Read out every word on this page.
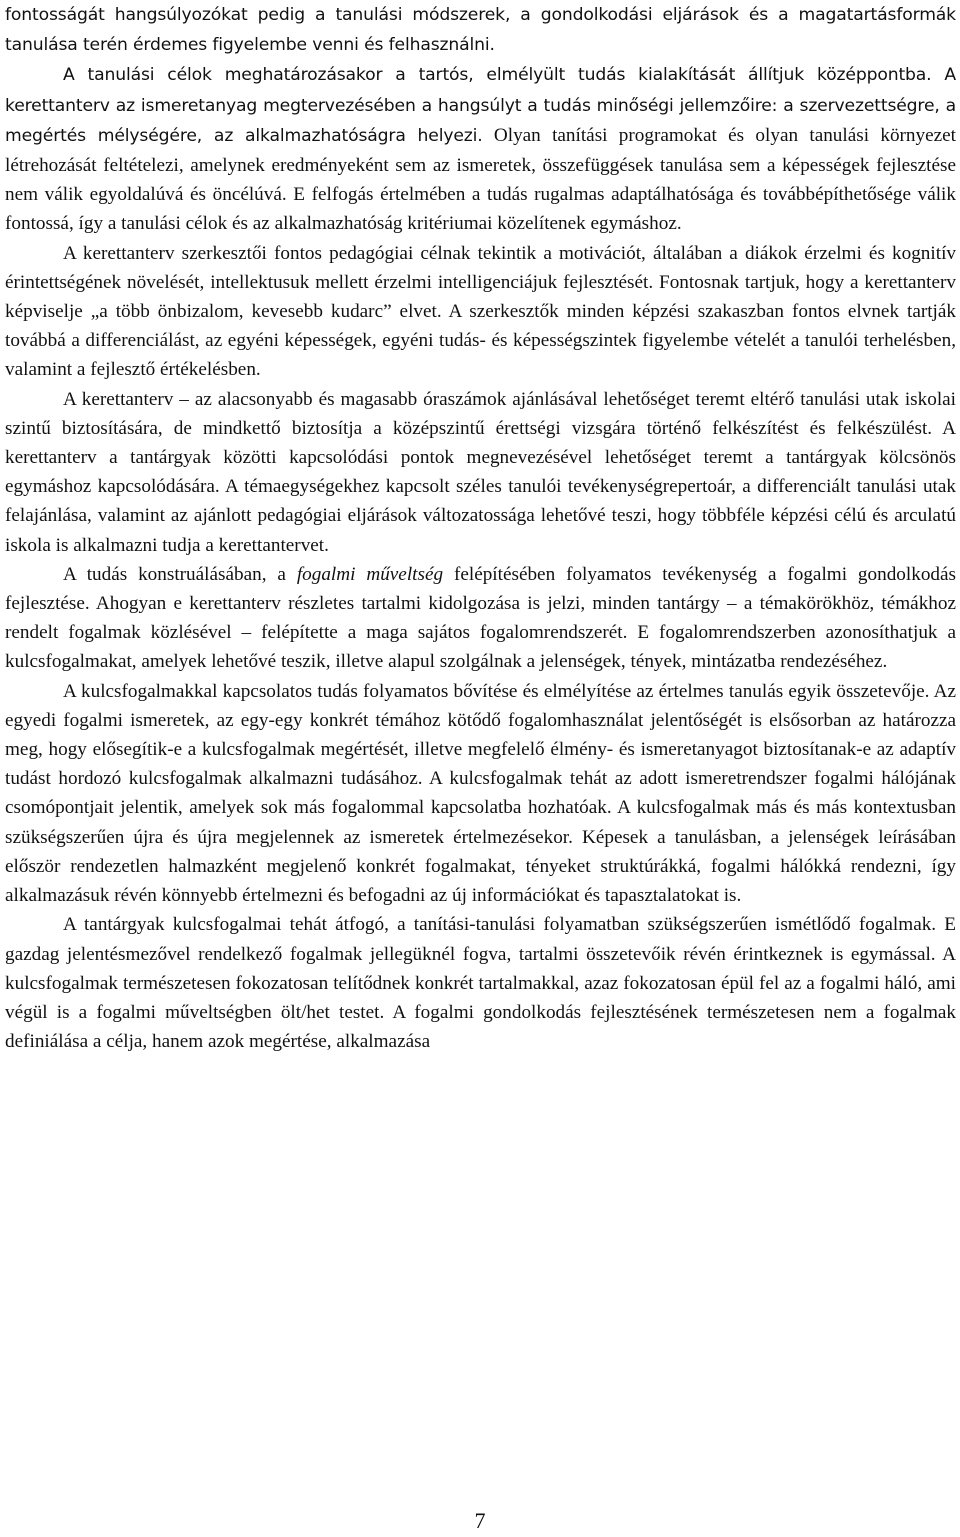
fontosságát hangsúlyozókat pedig a tanulási módszerek, a gondolkodási eljárások és a magatartásformák tanulása terén érdemes figyelembe venni és felhasználni.

A tanulási célok meghatározásakor a tartós, elmélyült tudás kialakítását állítjuk középpontba. A kerettanterv az ismeretanyag megtervezésében a hangsúlyt a tudás minőségi jellemzőire: a szervezettségre, a megértés mélységére, az alkalmazhatóságra helyezi. Olyan tanítási programokat és olyan tanulási környezet létrehozását feltételezi, amelynek eredményeként sem az ismeretek, összefüggések tanulása sem a képességek fejlesztése nem válik egyoldalúvá és öncélúvá. E felfogás értelmében a tudás rugalmas adaptálhatósága és továbbépíthetősége válik fontossá, így a tanulási célok és az alkalmazhatóság kritériumai közelítenek egymáshoz.

A kerettanterv szerkesztői fontos pedagógiai célnak tekintik a motivációt, általában a diákok érzelmi és kognitív érintettségének növelését, intellektusuk mellett érzelmi intelligenciájuk fejlesztését. Fontosnak tartjuk, hogy a kerettanterv képviselje „a több önbizalom, kevesebb kudarc” elvet. A szerkesztők minden képzési szakaszban fontos elvnek tartják továbbá a differenciálást, az egyéni képességek, egyéni tudás- és képességszintek figyelembe vételét a tanulói terhelésben, valamint a fejlesztő értékelésben.

A kerettanterv – az alacsonyabb és magasabb óraszámok ajánlásával lehetőséget teremt eltérő tanulási utak iskolai szintű biztosítására, de mindkettő biztosítja a középszintű érettségi vizsgára történő felkészítést és felkészülést. A kerettanterv a tantárgyak közötti kapcsolódási pontok megnevezésével lehetőséget teremt a tantárgyak kölcsönös egymáshoz kapcsolódására. A témaegységekhez kapcsolt széles tanulói tevékenységrepertoár, a differenciált tanulási utak felajánlása, valamint az ajánlott pedagógiai eljárások változatossága lehetővé teszi, hogy többféle képzési célú és arculatú iskola is alkalmazni tudja a kerettantervet.

A tudás konstruálásában, a fogalmi műveltség felépítésében folyamatos tevékenység a fogalmi gondolkodás fejlesztése. Ahogyan e kerettanterv részletes tartalmi kidolgozása is jelzi, minden tantárgy – a témakörökhöz, témákhoz rendelt fogalmak közlésével – felépítette a maga sajátos fogalomrendszerét. E fogalomrendszerben azonosíthatjuk a kulcsfogalmakat, amelyek lehetővé teszik, illetve alapul szolgálnak a jelenségek, tények, mintázatba rendezéséhez.

A kulcsfogalmakkal kapcsolatos tudás folyamatos bővítése és elmélyítése az értelmes tanulás egyik összetevője. Az egyedi fogalmi ismeretek, az egy-egy konkrét témához kötődő fogalomhasználat jelentőségét is elsősorban az határozza meg, hogy elősegítik-e a kulcsfogalmak megértését, illetve megfelelő élmény- és ismeretanyagot biztosítanak-e az adaptív tudást hordozó kulcsfogalmak alkalmazni tudásához. A kulcsfogalmak tehát az adott ismeretrendszer fogalmi hálójának csomópontjait jelentik, amelyek sok más fogalommal kapcsolatba hozhatóak. A kulcsfogalmak más és más kontextusban szükségszerűen újra és újra megjelennek az ismeretek értelmezésekor. Képesek a tanulásban, a jelenségek leírásában először rendezetlen halmazként megjelenő konkrét fogalmakat, tényeket struktúrákká, fogalmi hálókká rendezni, így alkalmazásuk révén könnyebb értelmezni és befogadni az új információkat és tapasztalatokat is.

A tantárgyak kulcsfogalmai tehát átfogó, a tanítási-tanulási folyamatban szükségszerűen ismétlődő fogalmak. E gazdag jelentésmezővel rendelkező fogalmak jellegüknél fogva, tartalmi összetevőik révén érintkeznek is egymással. A kulcsfogalmak természetesen fokozatosan telítődnek konkrét tartalmakkal, azaz fokozatosan épül fel az a fogalmi háló, ami végül is a fogalmi műveltségben ölt/het testet. A fogalmi gondolkodás fejlesztésének természetesen nem a fogalmak definiálása a célja, hanem azok megértése, alkalmazása

7
